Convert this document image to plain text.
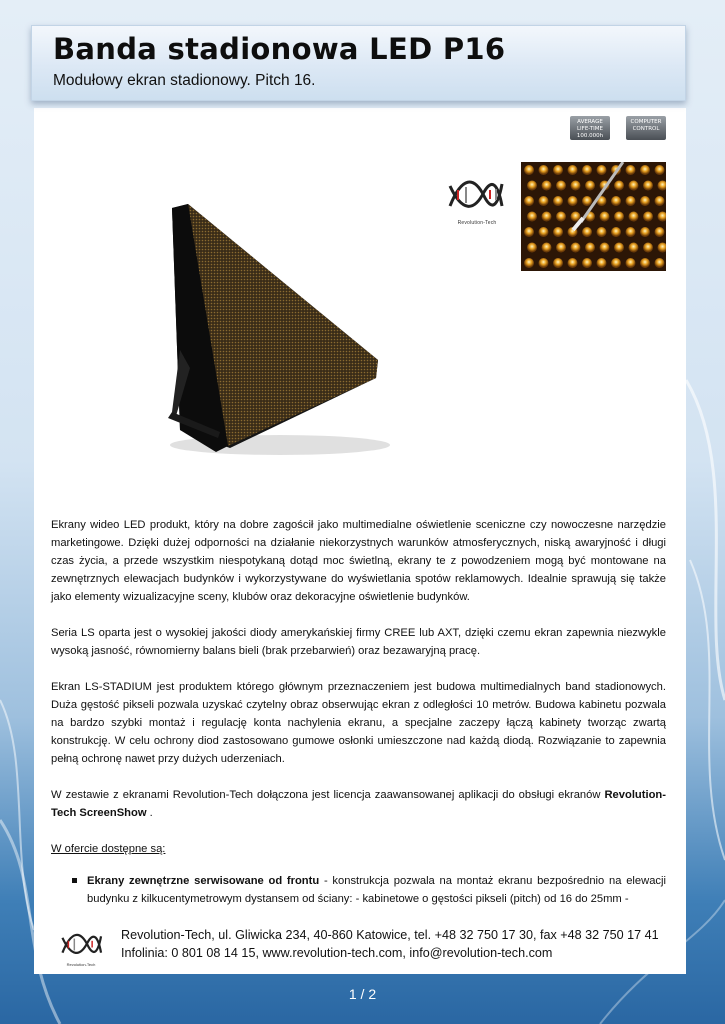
Banda stadionowa LED P16
Modułowy ekran stadionowy. Pitch 16.
AVERAGE
LIFE-TIME
100.000h
COMPUTER
CONTROL
Revolution-Tech

Ekrany wideo LED produkt, który na dobre zagościł jako multimedialne oświetlenie sceniczne czy nowoczesne narzędzie marketingowe. Dzięki dużej odporności na działanie niekorzystnych warunków atmosferycznych, niską awaryjność i długi czas życia, a przede wszystkim niespotykaną dotąd moc świetlną, ekrany te z powodzeniem mogą być montowane na zewnętrznych elewacjach budynków i wykorzystywane do wyświetlania spotów reklamowych. Idealnie sprawują się także jako elementy wizualizacyjne sceny, klubów oraz dekoracyjne oświetlenie budynków.

Seria LS oparta jest o wysokiej jakości diody amerykańskiej firmy CREE lub AXT, dzięki czemu ekran zapewnia niezwykle wysoką jasność, równomierny balans bieli (brak przebarwień) oraz bezawaryjną pracę.

Ekran LS-STADIUM jest produktem którego głównym przeznaczeniem jest budowa multimedialnych band stadionowych. Duża gęstość pikseli pozwala uzyskać czytelny obraz obserwując ekran z odległości 10 metrów. Budowa kabinetu pozwala na bardzo szybki montaż i regulację konta nachylenia ekranu, a specjalne zaczepy łączą kabinety tworząc zwartą konstrukcję. W celu ochrony diod zastosowano gumowe osłonki umieszczone nad każdą diodą. Rozwiązanie to zapewnia pełną ochronę nawet przy dużych uderzeniach.

W zestawie z ekranami Revolution-Tech dołączona jest licencja zaawansowanej aplikacji do obsługi ekranów Revolution-Tech ScreenShow .

W ofercie dostępne są:

Ekrany zewnętrzne serwisowane od frontu - konstrukcja pozwala na montaż ekranu bezpośrednio na elewacji budynku z kilkucentymetrowym dystansem od ściany: - kabinetowe o gęstości pikseli (pitch) od 16 do 25mm -
Revolution-Tech
Revolution-Tech, ul. Gliwicka 234, 40-860 Katowice, tel. +48 32 750 17 30, fax +48 32 750 17 41
Infolinia: 0 801 08 14 15, www.revolution-tech.com, info@revolution-tech.com
1 / 2
